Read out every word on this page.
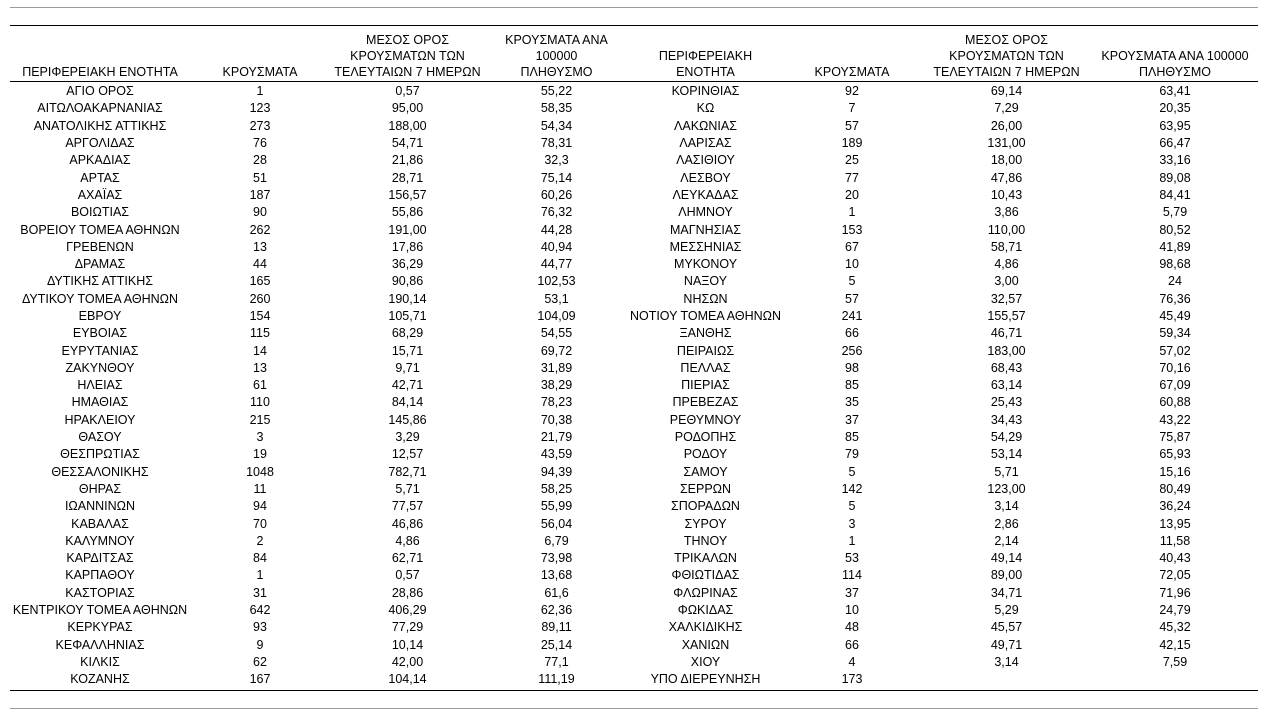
ΠΕΡΙΦΕΡΕΙΑΚΗ ΕΝΟΤΗΤΑ	ΚΡΟΥΣΜΑΤΑ	ΜΕΣΟΣ ΟΡΟΣ
ΚΡΟΥΣΜΑΤΩΝ ΤΩΝ
ΤΕΛΕΥΤΑΙΩΝ 7 ΗΜΕΡΩΝ	ΚΡΟΥΣΜΑΤΑ ΑΝΑ 100000
ΠΛΗΘΥΣΜΟ	ΠΕΡΙΦΕΡΕΙΑΚΗ ΕΝΟΤΗΤΑ	ΚΡΟΥΣΜΑΤΑ	ΜΕΣΟΣ ΟΡΟΣ
ΚΡΟΥΣΜΑΤΩΝ ΤΩΝ
ΤΕΛΕΥΤΑΙΩΝ 7 ΗΜΕΡΩΝ	ΚΡΟΥΣΜΑΤΑ ΑΝΑ 100000
ΠΛΗΘΥΣΜΟ
ΑΓΙΟ ΟΡΟΣ	1	0,57	55,22	ΚΟΡΙΝΘΙΑΣ	92	69,14	63,41
ΑΙΤΩΛΟΑΚΑΡΝΑΝΙΑΣ	123	95,00	58,35	ΚΩ	7	7,29	20,35
ΑΝΑΤΟΛΙΚΗΣ ΑΤΤΙΚΗΣ	273	188,00	54,34	ΛΑΚΩΝΙΑΣ	57	26,00	63,95
ΑΡΓΟΛΙΔΑΣ	76	54,71	78,31	ΛΑΡΙΣΑΣ	189	131,00	66,47
ΑΡΚΑΔΙΑΣ	28	21,86	32,3	ΛΑΣΙΘΙΟΥ	25	18,00	33,16
ΑΡΤΑΣ	51	28,71	75,14	ΛΕΣΒΟΥ	77	47,86	89,08
ΑΧΑΪΑΣ	187	156,57	60,26	ΛΕΥΚΑΔΑΣ	20	10,43	84,41
ΒΟΙΩΤΙΑΣ	90	55,86	76,32	ΛΗΜΝΟΥ	1	3,86	5,79
ΒΟΡΕΙΟΥ ΤΟΜΕΑ ΑΘΗΝΩΝ	262	191,00	44,28	ΜΑΓΝΗΣΙΑΣ	153	110,00	80,52
ΓΡΕΒΕΝΩΝ	13	17,86	40,94	ΜΕΣΣΗΝΙΑΣ	67	58,71	41,89
ΔΡΑΜΑΣ	44	36,29	44,77	ΜΥΚΟΝΟΥ	10	4,86	98,68
ΔΥΤΙΚΗΣ ΑΤΤΙΚΗΣ	165	90,86	102,53	ΝΑΞΟΥ	5	3,00	24
ΔΥΤΙΚΟΥ ΤΟΜΕΑ ΑΘΗΝΩΝ	260	190,14	53,1	ΝΗΣΩΝ	57	32,57	76,36
ΕΒΡΟΥ	154	105,71	104,09	ΝΟΤΙΟΥ ΤΟΜΕΑ ΑΘΗΝΩΝ	241	155,57	45,49
ΕΥΒΟΙΑΣ	115	68,29	54,55	ΞΑΝΘΗΣ	66	46,71	59,34
ΕΥΡΥΤΑΝΙΑΣ	14	15,71	69,72	ΠΕΙΡΑΙΩΣ	256	183,00	57,02
ΖΑΚΥΝΘΟΥ	13	9,71	31,89	ΠΕΛΛΑΣ	98	68,43	70,16
ΗΛΕΙΑΣ	61	42,71	38,29	ΠΙΕΡΙΑΣ	85	63,14	67,09
ΗΜΑΘΙΑΣ	110	84,14	78,23	ΠΡΕΒΕΖΑΣ	35	25,43	60,88
ΗΡΑΚΛΕΙΟΥ	215	145,86	70,38	ΡΕΘΥΜΝΟΥ	37	34,43	43,22
ΘΑΣΟΥ	3	3,29	21,79	ΡΟΔΟΠΗΣ	85	54,29	75,87
ΘΕΣΠΡΩΤΙΑΣ	19	12,57	43,59	ΡΟΔΟΥ	79	53,14	65,93
ΘΕΣΣΑΛΟΝΙΚΗΣ	1048	782,71	94,39	ΣΑΜΟΥ	5	5,71	15,16
ΘΗΡΑΣ	11	5,71	58,25	ΣΕΡΡΩΝ	142	123,00	80,49
ΙΩΑΝΝΙΝΩΝ	94	77,57	55,99	ΣΠΟΡΑΔΩΝ	5	3,14	36,24
ΚΑΒΑΛΑΣ	70	46,86	56,04	ΣΥΡΟΥ	3	2,86	13,95
ΚΑΛΥΜΝΟΥ	2	4,86	6,79	ΤΗΝΟΥ	1	2,14	11,58
ΚΑΡΔΙΤΣΑΣ	84	62,71	73,98	ΤΡΙΚΑΛΩΝ	53	49,14	40,43
ΚΑΡΠΑΘΟΥ	1	0,57	13,68	ΦΘΙΩΤΙΔΑΣ	114	89,00	72,05
ΚΑΣΤΟΡΙΑΣ	31	28,86	61,6	ΦΛΩΡΙΝΑΣ	37	34,71	71,96
ΚΕΝΤΡΙΚΟΥ ΤΟΜΕΑ ΑΘΗΝΩΝ	642	406,29	62,36	ΦΩΚΙΔΑΣ	10	5,29	24,79
ΚΕΡΚΥΡΑΣ	93	77,29	89,11	ΧΑΛΚΙΔΙΚΗΣ	48	45,57	45,32
ΚΕΦΑΛΛΗΝΙΑΣ	9	10,14	25,14	ΧΑΝΙΩΝ	66	49,71	42,15
ΚΙΛΚΙΣ	62	42,00	77,1	ΧΙΟΥ	4	3,14	7,59
ΚΟΖΑΝΗΣ	167	104,14	111,19	ΥΠΟ ΔΙΕΡΕΥΝΗΣΗ	173		
